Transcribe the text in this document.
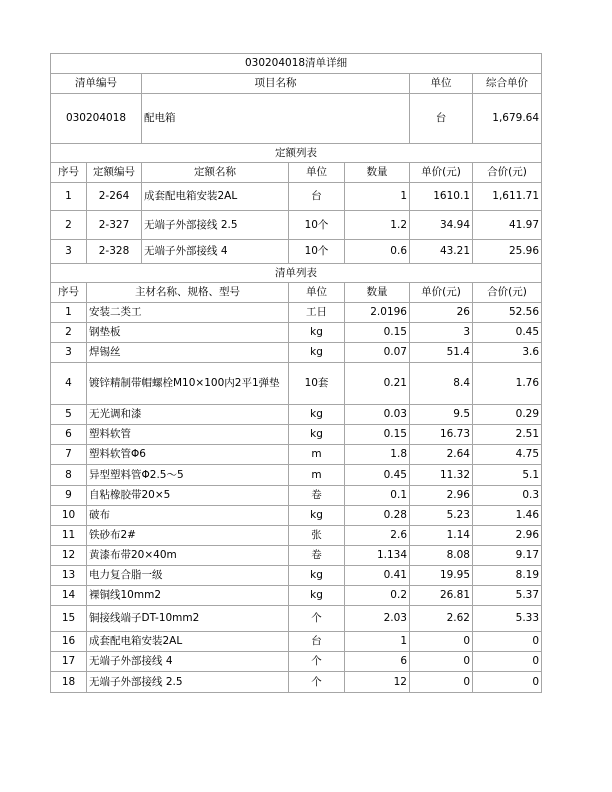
030204018清单详细						
清单编号		项目名称			单位	综合单价
030204018		配电箱			台	1,679.64
定额列表						
序号	定额编号	定额名称	单位	数量	单价(元)	合价(元)
1	2-264	成套配电箱安装2AL	台	1	1610.1	1,611.71
2	2-327	无端子外部接线 2.5	10个	1.2	34.94	41.97
3	2-328	无端子外部接线 4	10个	0.6	43.21	25.96
清单列表						
序号	主材名称、规格、型号		单位	数量	单价(元)	合价(元)
1	安装二类工		工日	2.0196	26	52.56
2	钢垫板		kg	0.15	3	0.45
3	焊锡丝		kg	0.07	51.4	3.6
4	镀锌精制带帽螺栓M10×100内2平1弹垫		10套	0.21	8.4	1.76
5	无光调和漆		kg	0.03	9.5	0.29
6	塑料软管		kg	0.15	16.73	2.51
7	塑料软管Φ6		m	1.8	2.64	4.75
8	异型塑料管Φ2.5～5		m	0.45	11.32	5.1
9	自粘橡胶带20×5		卷	0.1	2.96	0.3
10	破布		kg	0.28	5.23	1.46
11	铁砂布2#		张	2.6	1.14	2.96
12	黄漆布带20×40m		卷	1.134	8.08	9.17
13	电力复合脂一级		kg	0.41	19.95	8.19
14	裸铜线10mm2		kg	0.2	26.81	5.37
15	铜接线端子DT-10mm2		个	2.03	2.62	5.33
16	成套配电箱安装2AL		台	1	0	0
17	无端子外部接线 4		个	6	0	0
18	无端子外部接线 2.5		个	12	0	0
